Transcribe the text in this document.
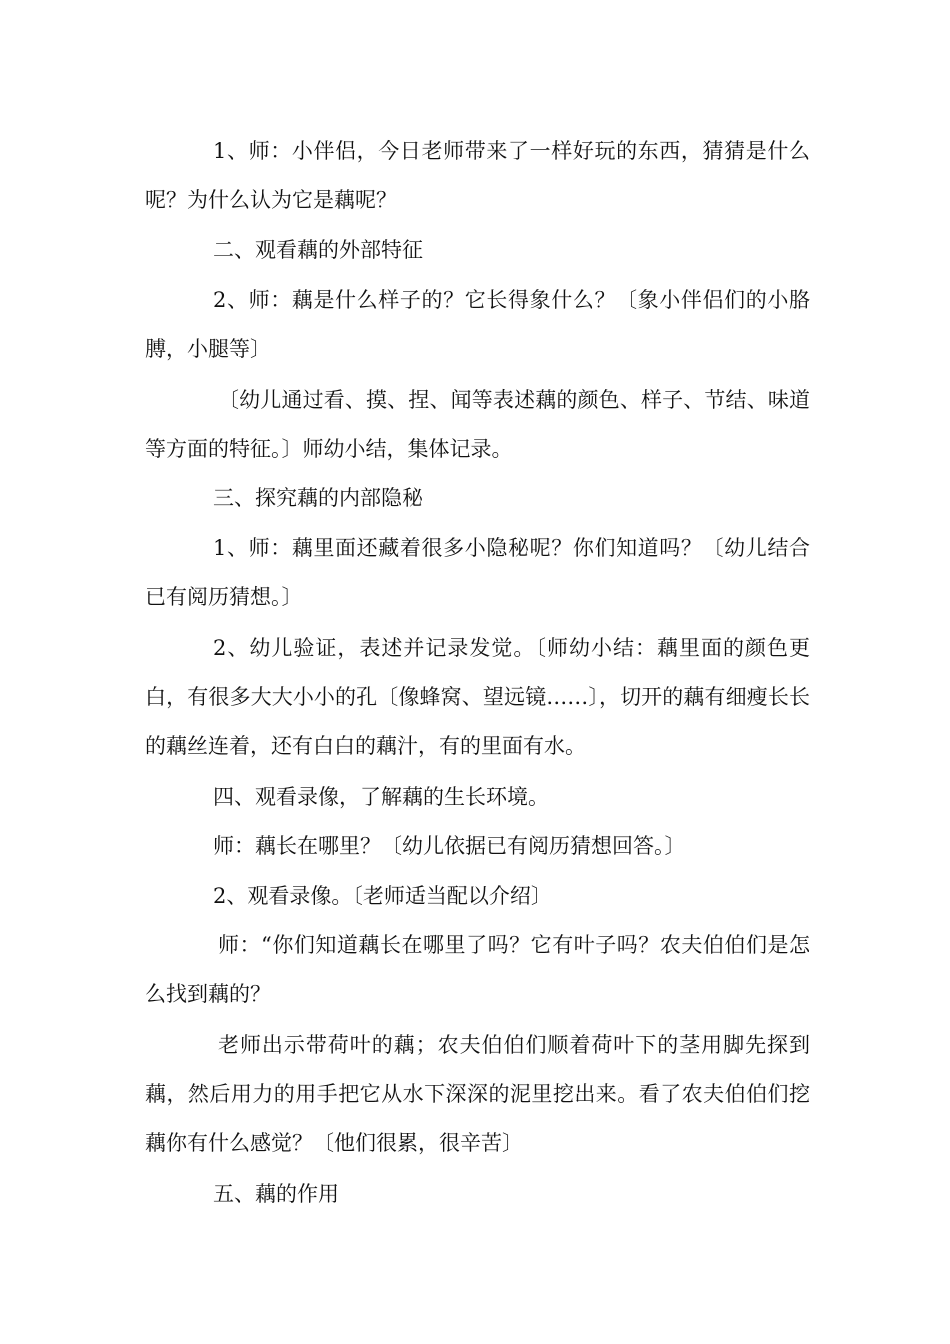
1、师：小伴侣，今日老师带来了一样好玩的东西，猜猜是什么呢？为什么认为它是藕呢？

二、观看藕的外部特征

2、师：藕是什么样子的？它长得象什么？〔象小伴侣们的小胳膊，小腿等〕

〔幼儿通过看、摸、捏、闻等表述藕的颜色、样子、节结、味道等方面的特征。〕师幼小结，集体记录。

三、探究藕的内部隐秘

1、师：藕里面还藏着很多小隐秘呢？你们知道吗？〔幼儿结合已有阅历猜想。〕

2、幼儿验证，表述并记录发觉。〔师幼小结：藕里面的颜色更白，有很多大大小小的孔〔像蜂窝、望远镜……〕，切开的藕有细瘦长长的藕丝连着，还有白白的藕汁，有的里面有水。

四、观看录像，了解藕的生长环境。

师：藕长在哪里？〔幼儿依据已有阅历猜想回答。〕

2、观看录像。〔老师适当配以介绍〕

师：“你们知道藕长在哪里了吗？它有叶子吗？农夫伯伯们是怎么找到藕的？

老师出示带荷叶的藕；农夫伯伯们顺着荷叶下的茎用脚先探到藕，然后用力的用手把它从水下深深的泥里挖出来。看了农夫伯伯们挖藕你有什么感觉？〔他们很累，很辛苦〕

五、藕的作用
